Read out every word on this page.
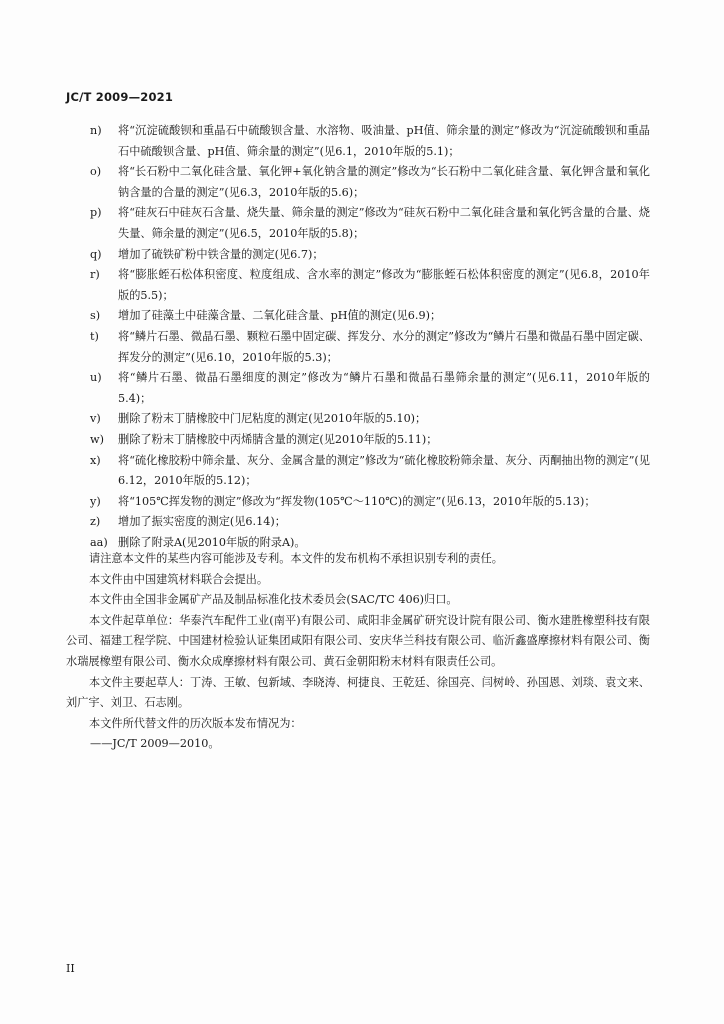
JC/T 2009—2021
n) 将“沉淀硫酸钡和重晶石中硫酸钡含量、水溶物、吸油量、pH值、筛余量的测定”修改为“沉淀硫酸钡和重晶石中硫酸钡含量、pH值、筛余量的测定”(见6.1，2010年版的5.1)；
o) 将“长石粉中二氧化硅含量、氧化钾+氧化钠含量的测定”修改为“长石粉中二氧化硅含量、氧化钾含量和氧化钠含量的合量的测定”(见6.3，2010年版的5.6)；
p) 将“硅灰石中硅灰石含量、烧失量、筛余量的测定”修改为“硅灰石粉中二氧化硅含量和氧化钙含量的合量、烧失量、筛余量的测定”(见6.5，2010年版的5.8)；
q) 增加了硫铁矿粉中铁含量的测定(见6.7)；
r) 将“膨胀蛭石松体积密度、粒度组成、含水率的测定”修改为“膨胀蛭石松体积密度的测定”(见6.8，2010年版的5.5)；
s) 增加了硅藻土中硅藻含量、二氧化硅含量、pH值的测定(见6.9)；
t) 将“鳞片石墨、微晶石墨、颗粒石墨中固定碳、挥发分、水分的测定”修改为“鳞片石墨和微晶石墨中固定碳、挥发分的测定”(见6.10，2010年版的5.3)；
u) 将“鳞片石墨、微晶石墨细度的测定”修改为“鳞片石墨和微晶石墨筛余量的测定”(见6.11，2010年版的5.4)；
v) 删除了粉末丁腈橡胶中门尼粘度的测定(见2010年版的5.10)；
w) 删除了粉末丁腈橡胶中丙烯腈含量的测定(见2010年版的5.11)；
x) 将“硫化橡胶粉中筛余量、灰分、金属含量的测定”修改为“硫化橡胶粉筛余量、灰分、丙酮抽出物的测定”(见6.12，2010年版的5.12)；
y) 将“105℃挥发物的测定”修改为“挥发物(105℃～110℃)的测定”(见6.13，2010年版的5.13)；
z) 增加了振实密度的测定(见6.14)；
aa) 删除了附录A(见2010年版的附录A)。
请注意本文件的某些内容可能涉及专利。本文件的发布机构不承担识别专利的责任。
本文件由中国建筑材料联合会提出。
本文件由全国非金属矿产品及制品标准化技术委员会(SAC/TC 406)归口。
本文件起草单位：华泰汽车配件工业(南平)有限公司、咸阳非金属矿研究设计院有限公司、衡水建胜橡塑科技有限公司、福建工程学院、中国建材检验认证集团咸阳有限公司、安庆华兰科技有限公司、临沂鑫盛摩擦材料有限公司、衡水瑞展橡塑有限公司、衡水众成摩擦材料有限公司、黄石金朝阳粉末材料有限责任公司。
本文件主要起草人：丁涛、王敏、包新域、李晓涛、柯捷良、王乾廷、徐国亮、闫树岭、孙国恩、刘琰、袁文来、刘广宇、刘卫、石志刚。
本文件所代替文件的历次版本发布情况为：
——JC/T 2009—2010。
II
